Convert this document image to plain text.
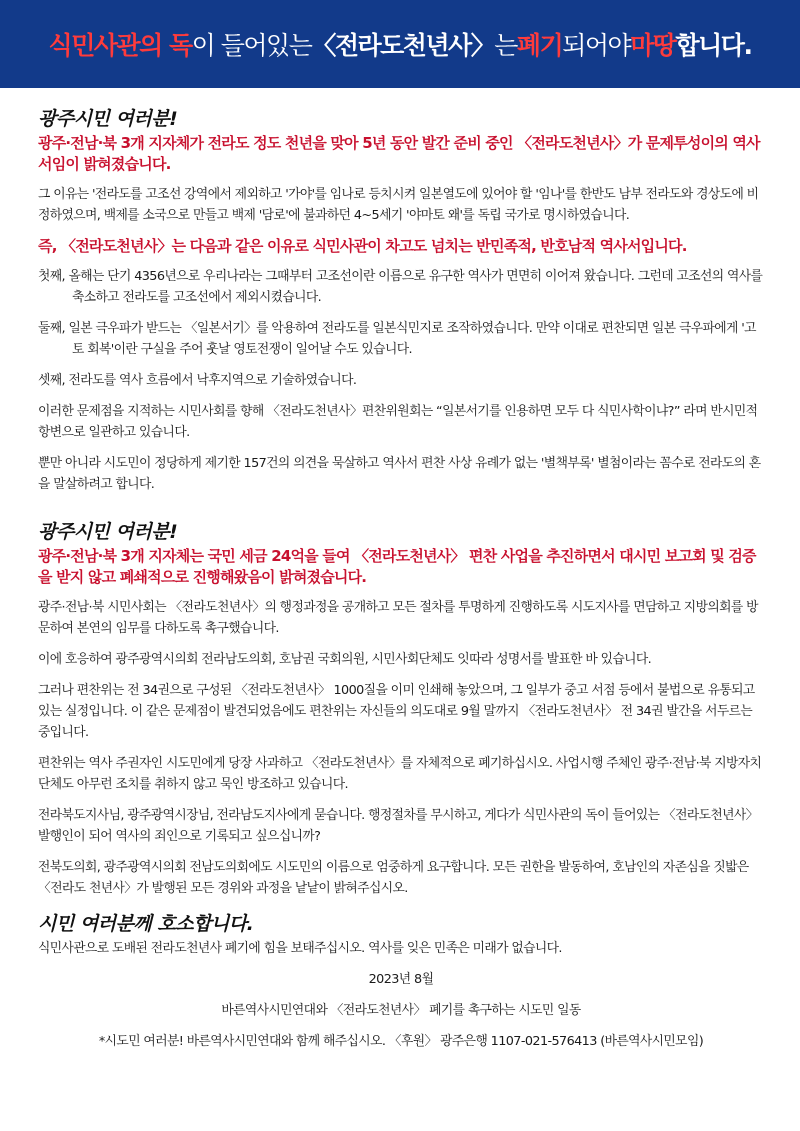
식민사관의 독 이 들어있는 〈전라도천년사〉 는 폐기 되어야 마땅 합니다.
광주시민 여러분!
광주·전남·북 3개 지자체가 전라도 정도 천년을 맞아 5년 동안 발간 준비 중인 〈전라도천년사〉가 문제투성이의 역사서임이 밝혀졌습니다.
그 이유는 '전라도를 고조선 강역에서 제외하고 '가야'를 임나로 등치시켜 일본열도에 있어야 할 '임나'를 한반도 남부 전라도와 경상도에 비정하였으며, 백제를 소국으로 만들고 백제 '담로'에 불과하던 4~5세기 '야마토 왜'를 독립 국가로 명시하였습니다.
즉, 〈전라도천년사〉는 다음과 같은 이유로 식민사관이 차고도 넘치는 반민족적, 반호남적 역사서입니다.
첫째, 올해는 단기 4356년으로 우리나라는 그때부터 고조선이란 이름으로 유구한 역사가 면면히 이어져 왔습니다. 그런데 고조선의 역사를 축소하고 전라도를 고조선에서 제외시켰습니다.
둘째, 일본 극우파가 받드는 〈일본서기〉를 악용하여 전라도를 일본식민지로 조작하였습니다. 만약 이대로 편찬되면 일본 극우파에게 '고토 회복'이란 구실을 주어 훗날 영토전쟁이 일어날 수도 있습니다.
셋째, 전라도를 역사 흐름에서 낙후지역으로 기술하였습니다.
이러한 문제점을 지적하는 시민사회를 향해 〈전라도천년사〉편찬위원회는 “일본서기를 인용하면 모두 다 식민사학이냐?” 라며 반시민적 항변으로 일관하고 있습니다.
뿐만 아니라 시도민이 정당하게 제기한 157건의 의견을 묵살하고 역사서 편찬 사상 유례가 없는 '별책부록' 별첨이라는 꼼수로 전라도의 혼을 말살하려고 합니다.
광주시민 여러분!
광주·전남·북 3개 지자체는 국민 세금 24억을 들여 〈전라도천년사〉 편찬 사업을 추진하면서 대시민 보고회 및 검증을 받지 않고 폐쇄적으로 진행해왔음이 밝혀졌습니다.
광주·전남·북 시민사회는 〈전라도천년사〉의 행정과정을 공개하고 모든 절차를 투명하게 진행하도록 시도지사를 면담하고 지방의회를 방문하여 본연의 임무를 다하도록 촉구했습니다.
이에 호응하여 광주광역시의회 전라남도의회, 호남권 국회의원, 시민사회단체도 잇따라 성명서를 발표한 바 있습니다.
그러나 편찬위는 전 34권으로 구성된 〈전라도천년사〉 1000질을 이미 인쇄해 놓았으며, 그 일부가 중고 서점 등에서 불법으로 유통되고 있는 실정입니다. 이 같은 문제점이 발견되었음에도 편찬위는 자신들의 의도대로 9월 말까지 〈전라도천년사〉 전 34권 발간을 서두르는 중입니다.
편찬위는 역사 주권자인 시도민에게 당장 사과하고 〈전라도천년사〉를 자체적으로 폐기하십시오. 사업시행 주체인 광주·전남·북 지방자치단체도 아무런 조치를 취하지 않고 묵인 방조하고 있습니다.
전라북도지사님, 광주광역시장님, 전라남도지사에게 묻습니다. 행정절차를 무시하고, 게다가 식민사관의 독이 들어있는 〈전라도천년사〉 발행인이 되어 역사의 죄인으로 기록되고 싶으십니까?
전북도의회, 광주광역시의회 전남도의회에도 시도민의 이름으로 엄중하게 요구합니다. 모든 권한을 발동하여, 호남인의 자존심을 짓밟은 〈전라도 천년사〉가 발행된 모든 경위와 과정을 낱낱이 밝혀주십시오.
시민 여러분께 호소합니다.
식민사관으로 도배된 전라도천년사 폐기에 힘을 보태주십시오. 역사를 잊은 민족은 미래가 없습니다.
2023년 8월
바른역사시민연대와 〈전라도천년사〉 폐기를 촉구하는 시도민 일동
*시도민 여러분! 바른역사시민연대와 함께 해주십시오. 〈후원〉 광주은행 1107-021-576413 (바른역사시민모임)
